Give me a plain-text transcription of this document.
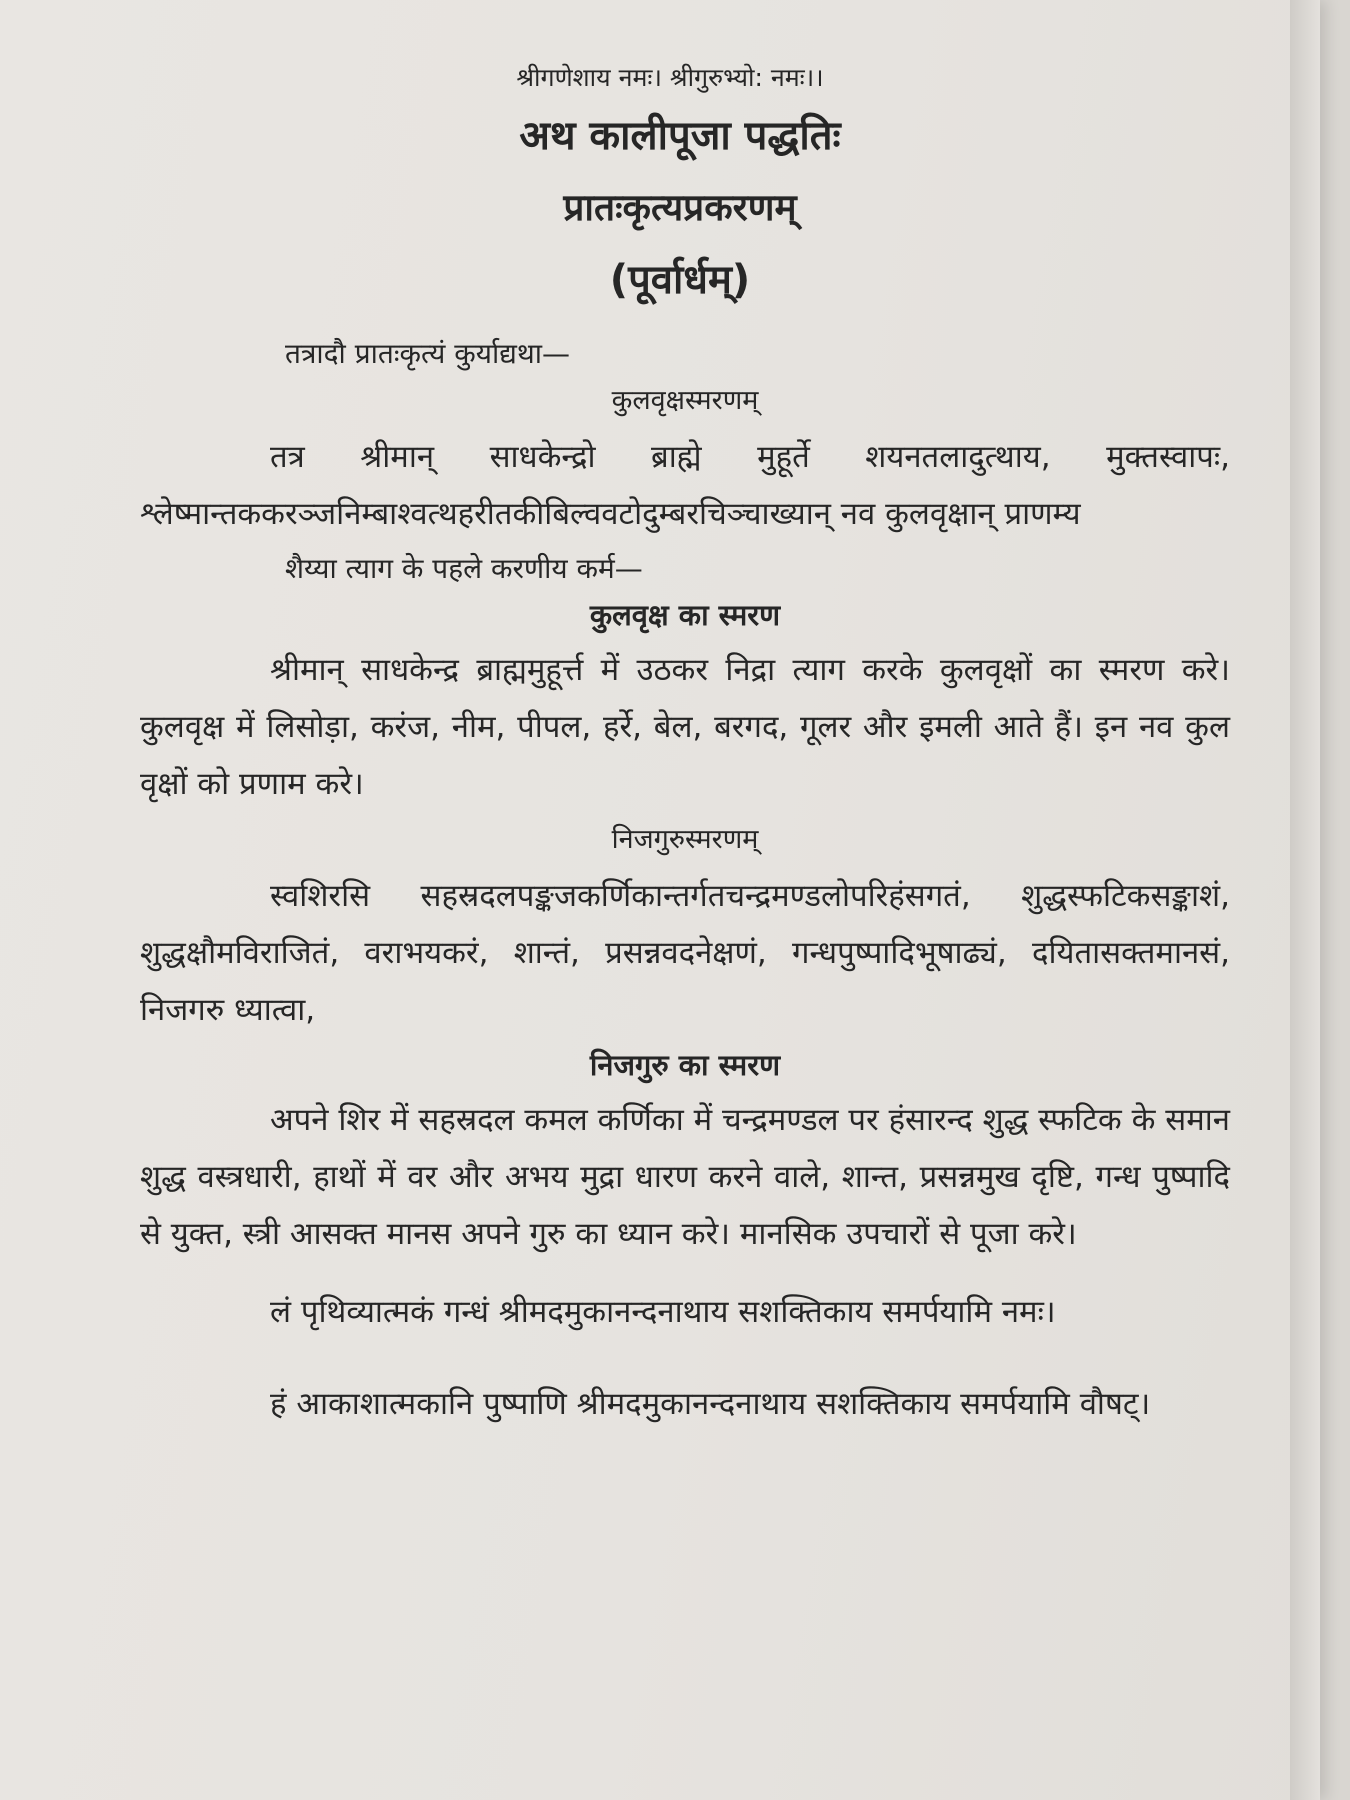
श्रीगणेशाय नमः। श्रीगुरुभ्यो: नमः।।
अथ कालीपूजा पद्धतिः
प्रातःकृत्यप्रकरणम्
(पूर्वार्धम्)
तत्रादौ प्रातःकृत्यं कुर्याद्यथा—
कुलवृक्षस्मरणम्

तत्र श्रीमान् साधकेन्द्रो ब्राह्मे मुहूर्ते शयनतलादुत्थाय, मुक्तस्वापः, श्लेष्मान्तककरञ्जनिम्बाश्वत्थहरीतकीबिल्ववटोदुम्बरचिञ्चाख्यान् नव कुलवृक्षान् प्राणम्य

शैय्या त्याग के पहले करणीय कर्म—
कुलवृक्ष का स्मरण

श्रीमान् साधकेन्द्र ब्राह्ममुहूर्त्त में उठकर निद्रा त्याग करके कुलवृक्षों का स्मरण करे। कुलवृक्ष में लिसोड़ा, करंज, नीम, पीपल, हर्रे, बेल, बरगद, गूलर और इमली आते हैं। इन नव कुल वृक्षों को प्रणाम करे।

निजगुरुस्मरणम्

स्वशिरसि सहस्रदलपङ्कजकर्णिकान्तर्गतचन्द्रमण्डलोपरिहंसगतं, शुद्धस्फटिकसङ्काशं, शुद्धक्षौमविराजितं, वराभयकरं, शान्तं, प्रसन्नवदनेक्षणं, गन्धपुष्पादिभूषाढ्यं, दयितासक्तमानसं, निजगरु ध्यात्वा,

निजगुरु का स्मरण

अपने शिर में सहस्रदल कमल कर्णिका में चन्द्रमण्डल पर हंसारन्द शुद्ध स्फटिक के समान शुद्ध वस्त्रधारी, हाथों में वर और अभय मुद्रा धारण करने वाले, शान्त, प्रसन्नमुख दृष्टि, गन्ध पुष्पादि से युक्त, स्त्री आसक्त मानस अपने गुरु का ध्यान करे। मानसिक उपचारों से पूजा करे।

लं पृथिव्यात्मकं गन्धं श्रीमदमुकानन्दनाथाय सशक्तिकाय समर्पयामि नमः।

हं आकाशात्मकानि पुष्पाणि श्रीमदमुकानन्दनाथाय सशक्तिकाय समर्पयामि वौषट्।
